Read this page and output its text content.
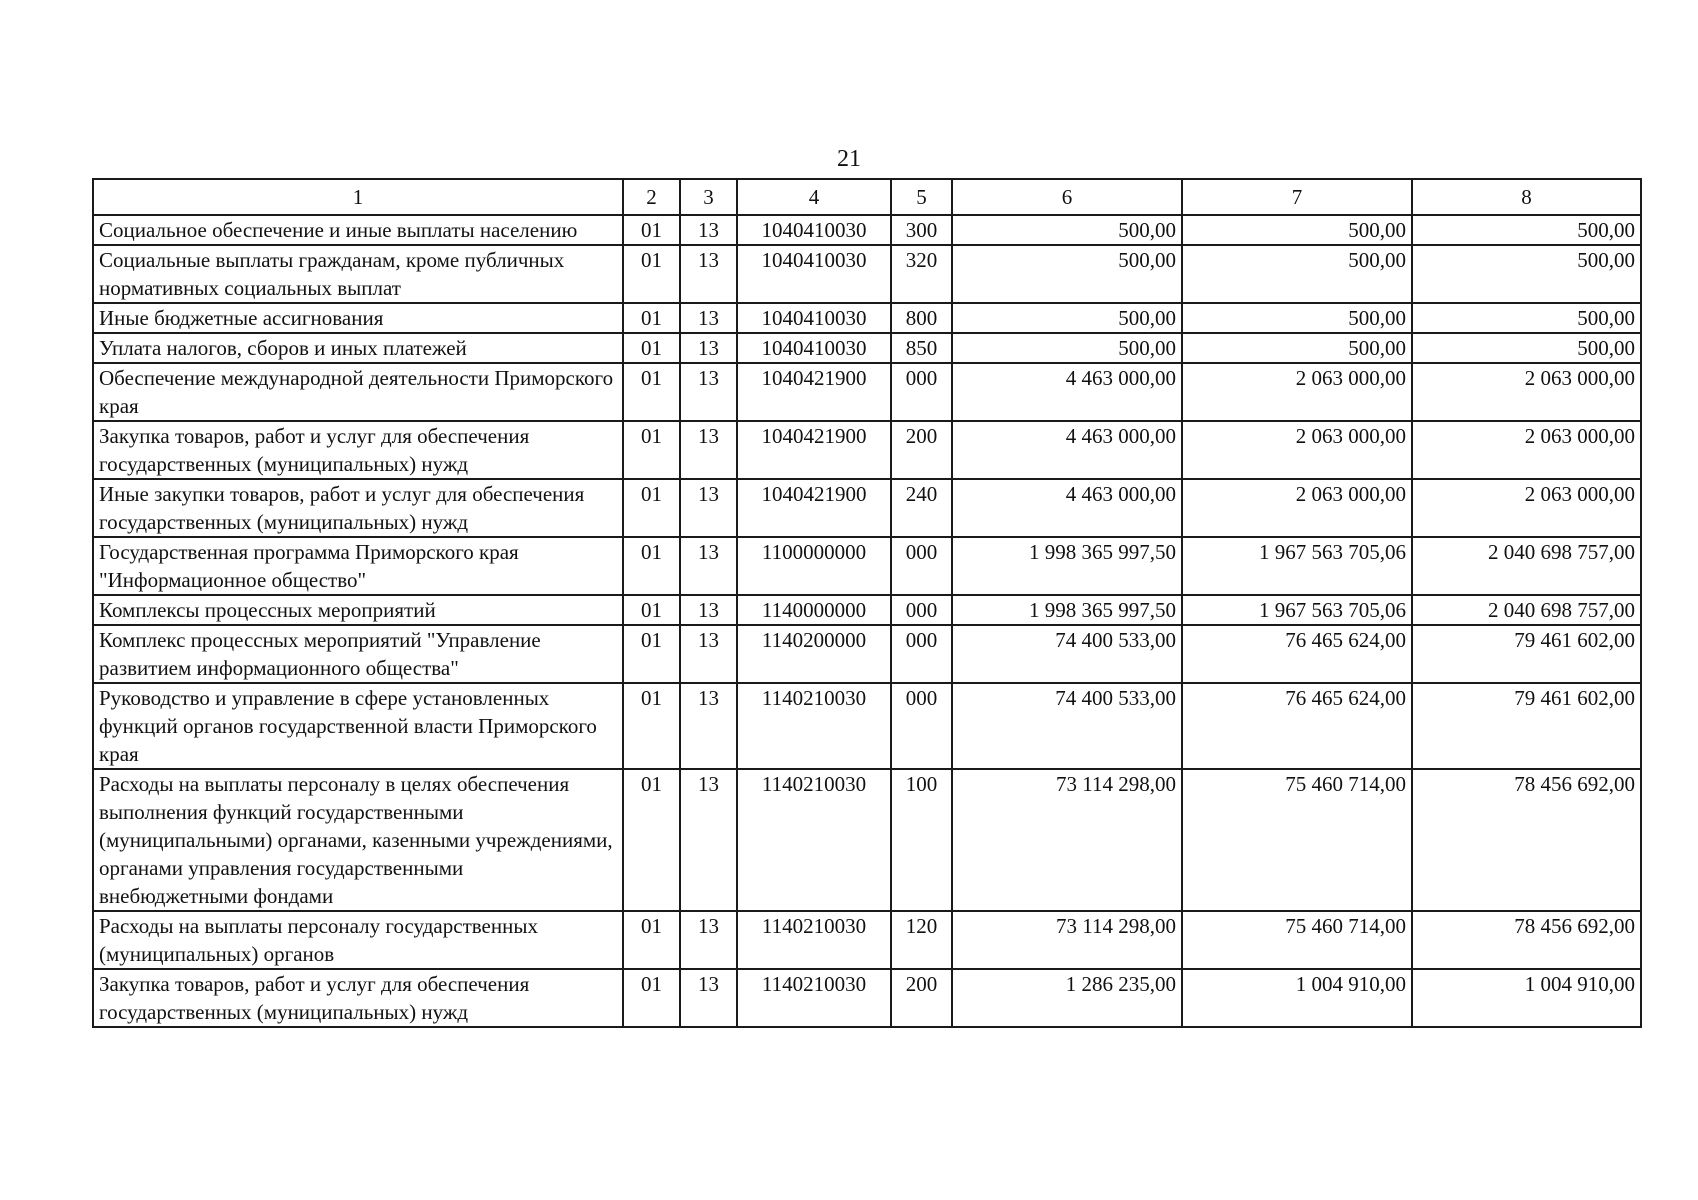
21
1	2	3	4	5	6	7	8
Социальное обеспечение и иные выплаты населению	01	13	1040410030	300	500,00	500,00	500,00
Социальные выплаты гражданам, кроме публичных нормативных социальных выплат	01	13	1040410030	320	500,00	500,00	500,00
Иные бюджетные ассигнования	01	13	1040410030	800	500,00	500,00	500,00
Уплата налогов, сборов и иных платежей	01	13	1040410030	850	500,00	500,00	500,00
Обеспечение международной деятельности Приморского края	01	13	1040421900	000	4 463 000,00	2 063 000,00	2 063 000,00
Закупка товаров, работ и услуг для обеспечения государственных (муниципальных) нужд	01	13	1040421900	200	4 463 000,00	2 063 000,00	2 063 000,00
Иные закупки товаров, работ и услуг для обеспечения государственных (муниципальных) нужд	01	13	1040421900	240	4 463 000,00	2 063 000,00	2 063 000,00
Государственная программа Приморского края "Информационное общество"	01	13	1100000000	000	1 998 365 997,50	1 967 563 705,06	2 040 698 757,00
Комплексы процессных мероприятий	01	13	1140000000	000	1 998 365 997,50	1 967 563 705,06	2 040 698 757,00
Комплекс процессных мероприятий "Управление развитием информационного общества"	01	13	1140200000	000	74 400 533,00	76 465 624,00	79 461 602,00
Руководство и управление в сфере установленных функций органов государственной власти Приморского края	01	13	1140210030	000	74 400 533,00	76 465 624,00	79 461 602,00
Расходы на выплаты персоналу в целях обеспечения выполнения функций государственными (муниципальными) органами, казенными учреждениями, органами управления государственными внебюджетными фондами	01	13	1140210030	100	73 114 298,00	75 460 714,00	78 456 692,00
Расходы на выплаты персоналу государственных (муниципальных) органов	01	13	1140210030	120	73 114 298,00	75 460 714,00	78 456 692,00
Закупка товаров, работ и услуг для обеспечения государственных (муниципальных) нужд	01	13	1140210030	200	1 286 235,00	1 004 910,00	1 004 910,00
